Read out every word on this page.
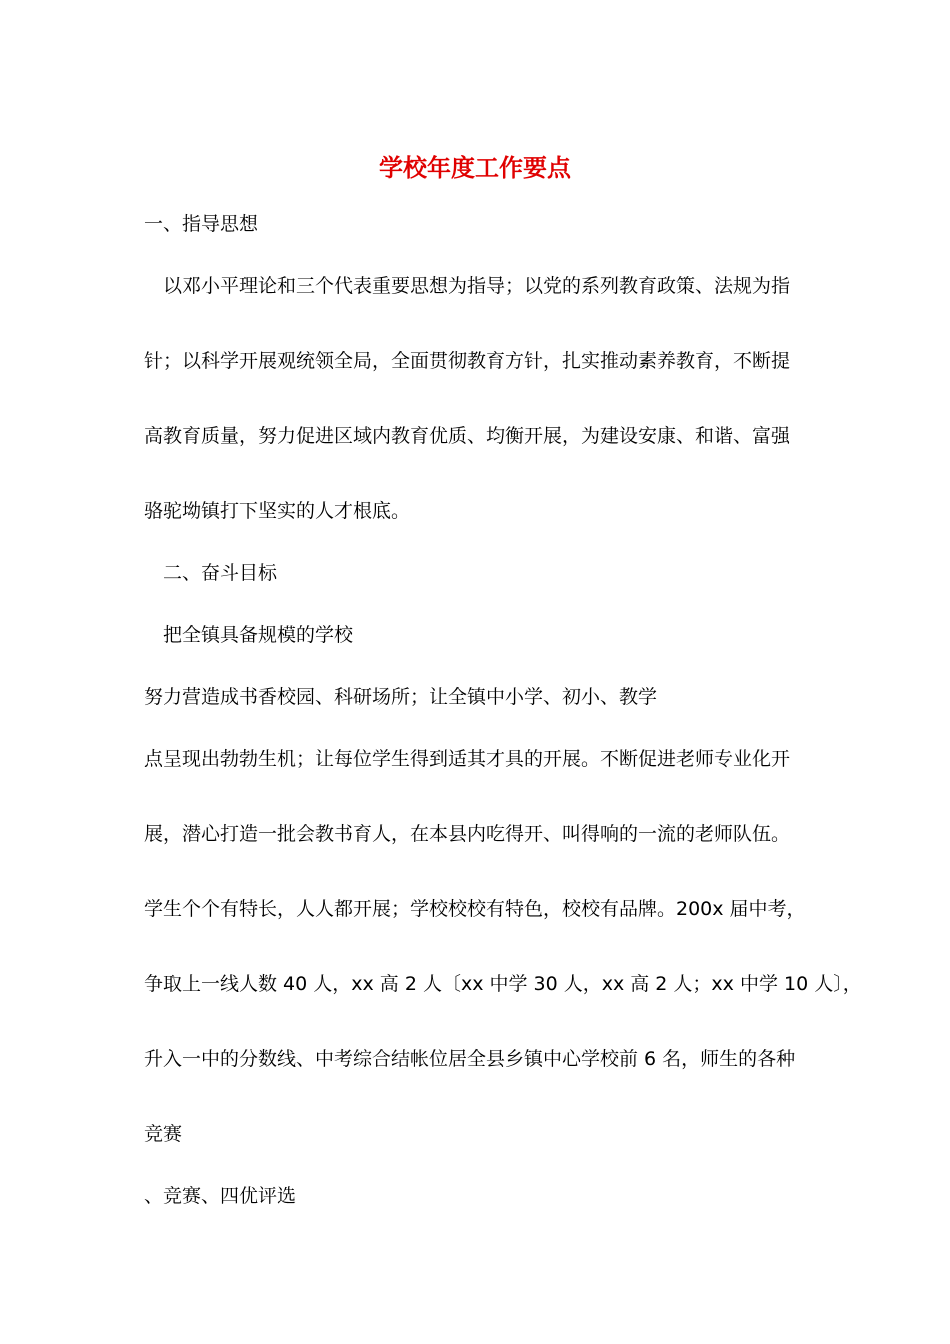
学校年度工作要点
一、指导思想
　以邓小平理论和三个代表重要思想为指导；以党的系列教育政策、法规为指
针；以科学开展观统领全局，全面贯彻教育方针，扎实推动素养教育，不断提
高教育质量，努力促进区域内教育优质、均衡开展，为建设安康、和谐、富强
骆驼坳镇打下坚实的人才根底。
　二、奋斗目标
　把全镇具备规模的学校
努力营造成书香校园、科研场所；让全镇中小学、初小、教学
点呈现出勃勃生机；让每位学生得到适其才具的开展。不断促进老师专业化开
展，潜心打造一批会教书育人，在本县内吃得开、叫得响的一流的老师队伍。
学生个个有特长，人人都开展；学校校校有特色，校校有品牌。200x 届中考，
争取上一线人数 40 人，xx 高 2 人〔xx 中学 30 人，xx 高 2 人；xx 中学 10 人〕，
升入一中的分数线、中考综合结帐位居全县乡镇中心学校前 6 名，师生的各种
竞赛
、竞赛、四优评选
